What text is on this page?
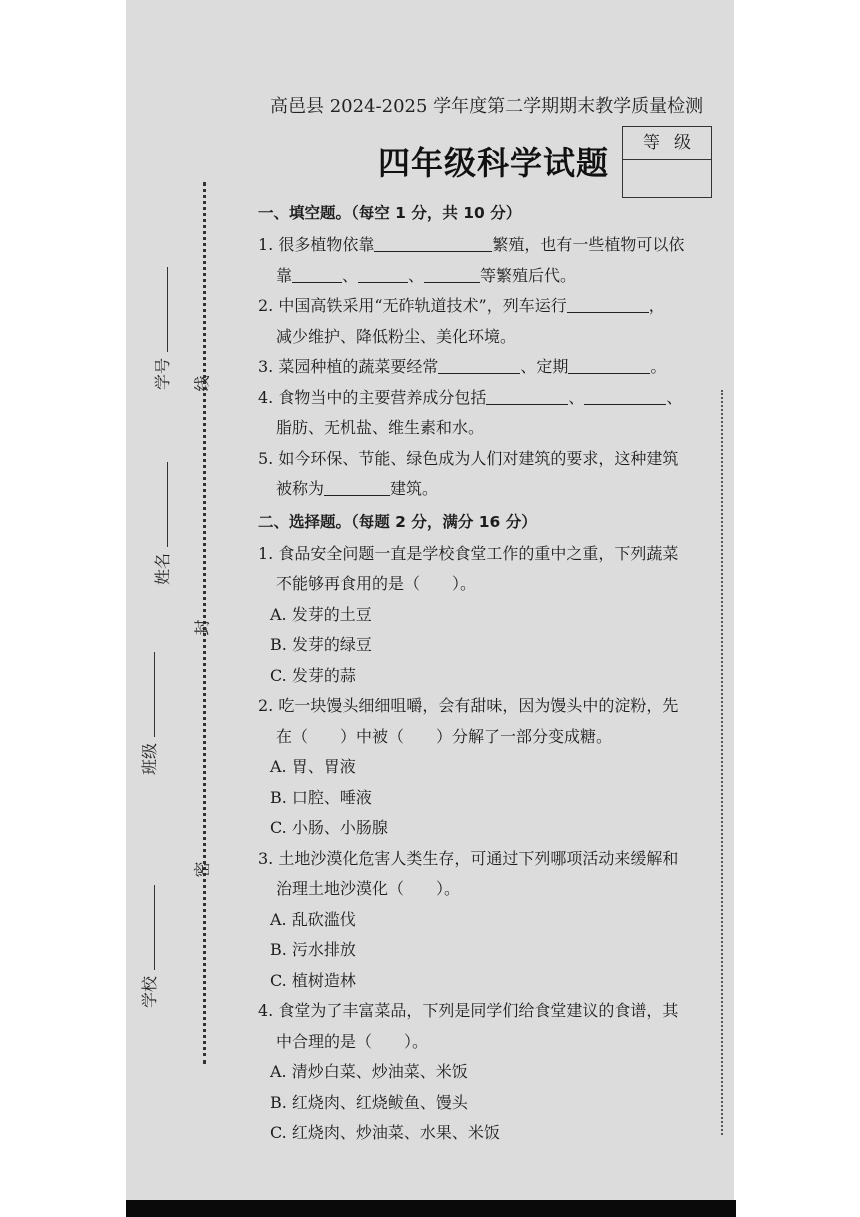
线
封
密
学号
姓名
班级
学校
高邑县 2024-2025 学年度第二学期期末教学质量检测
四年级科学试题
等级
一、填空题。（每空 1 分，共 10 分）
1. 很多植物依靠	繁殖，也有一些植物可以依
靠	、	、	等繁殖后代。
2. 中国高铁采用“无砟轨道技术”，列车运行	，
减少维护、降低粉尘、美化环境。
3. 菜园种植的蔬菜要经常	、定期	。
4. 食物当中的主要营养成分包括	、	、
脂肪、无机盐、维生素和水。
5. 如今环保、节能、绿色成为人们对建筑的要求，这种建筑
被称为	建筑。
二、选择题。（每题 2 分，满分 16 分）
1. 食品安全问题一直是学校食堂工作的重中之重，下列蔬菜
不能够再食用的是（　　）。
A. 发芽的土豆
B. 发芽的绿豆
C. 发芽的蒜
2. 吃一块馒头细细咀嚼，会有甜味，因为馒头中的淀粉，先
在（　　）中被（　　）分解了一部分变成糖。
A. 胃、胃液
B. 口腔、唾液
C. 小肠、小肠腺
3. 土地沙漠化危害人类生存，可通过下列哪项活动来缓解和
治理土地沙漠化（　　）。
A. 乱砍滥伐
B. 污水排放
C. 植树造林
4. 食堂为了丰富菜品，下列是同学们给食堂建议的食谱，其
中合理的是（　　）。
A. 清炒白菜、炒油菜、米饭
B. 红烧肉、红烧鲅鱼、馒头
C. 红烧肉、炒油菜、水果、米饭
